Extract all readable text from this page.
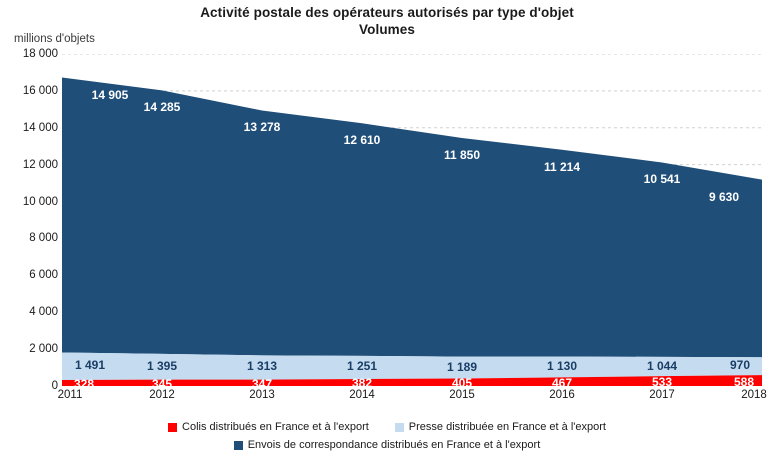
Activité postale des opérateurs autorisés par type d'objet
Volumes
millions d'objets
0
2 000
4 000
6 000
8 000
10 000
12 000
14 000
16 000
18 000
14 905
14 285
13 278
12 610
11 850
11 214
10 541
9 630
1 491	1 395	1 313	1 251	1 189	1 130	1 044	970
328	345	347	382	405	467	533	588
2011	2012	2013	2014	2015	2016	2017	2018
Colis distribués en France et à l'export	Presse distribuée en France et à l'export
Envois de correspondance distribués en France et à l'export
